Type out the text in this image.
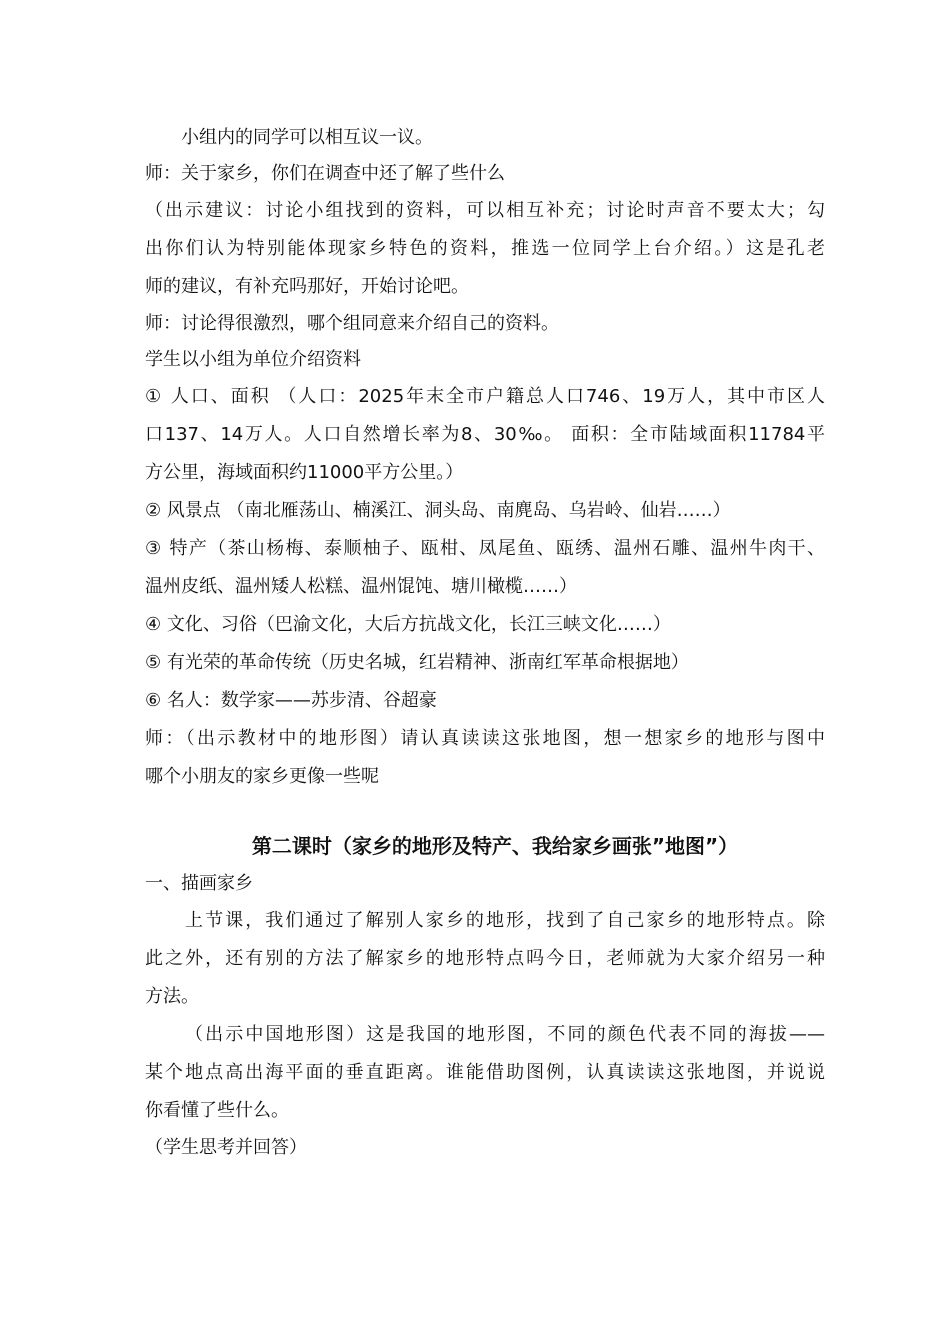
小组内的同学可以相互议一议。
师：关于家乡，你们在调查中还了解了些什么
（出示建议：讨论小组找到的资料，可以相互补充；讨论时声音不要太大；勾
出你们认为特别能体现家乡特色的资料，推选一位同学上台介绍。）这是孔老
师的建议，有补充吗那好，开始讨论吧。
师：讨论得很激烈，哪个组同意来介绍自己的资料。
学生以小组为单位介绍资料
① 人口、面积 （人口：2025年末全市户籍总人口746、19万人，其中市区人
口137、14万人。人口自然增长率为8、30‰。 面积：全市陆域面积11784平
方公里，海域面积约11000平方公里。）
② 风景点 （南北雁荡山、楠溪江、洞头岛、南麂岛、乌岩岭、仙岩……）
③ 特产（茶山杨梅、泰顺柚子、瓯柑、凤尾鱼、瓯绣、温州石雕、温州牛肉干、
温州皮纸、温州矮人松糕、温州馄饨、塘川橄榄……）
④ 文化、习俗（巴渝文化，大后方抗战文化，长江三峡文化……）
⑤ 有光荣的革命传统（历史名城，红岩精神、浙南红军革命根据地）
⑥ 名人：数学家——苏步清、谷超豪
师：（出示教材中的地形图）请认真读读这张地图，想一想家乡的地形与图中
哪个小朋友的家乡更像一些呢
第二课时（家乡的地形及特产、我给家乡画张”地图”）
一、描画家乡
上节课，我们通过了解别人家乡的地形，找到了自己家乡的地形特点。除
此之外，还有别的方法了解家乡的地形特点吗今日，老师就为大家介绍另一种
方法。
（出示中国地形图）这是我国的地形图，不同的颜色代表不同的海拔——
某个地点高出海平面的垂直距离。谁能借助图例，认真读读这张地图，并说说
你看懂了些什么。
（学生思考并回答）
